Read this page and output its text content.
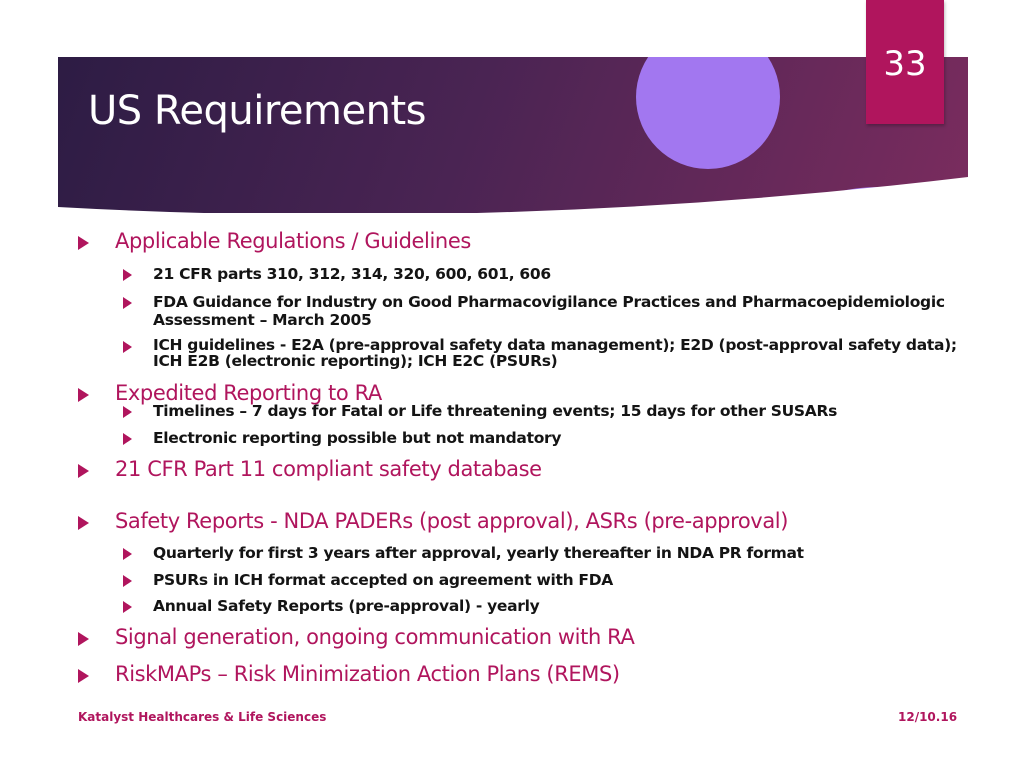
US Requirements
33
Applicable Regulations / Guidelines
21 CFR parts 310, 312, 314, 320, 600, 601, 606
FDA Guidance for Industry on Good Pharmacovigilance Practices and Pharmacoepidemiologic Assessment – March 2005
ICH guidelines - E2A (pre-approval safety data management); E2D (post-approval safety data); ICH E2B (electronic reporting); ICH E2C (PSURs)
Expedited Reporting to RA
Timelines – 7 days for Fatal or Life threatening events; 15 days for other SUSARs
Electronic reporting possible but not mandatory
21 CFR Part 11 compliant safety database
Safety Reports - NDA PADERs (post approval), ASRs (pre-approval)
Quarterly for first 3 years after approval, yearly thereafter in NDA PR format
PSURs in ICH format accepted on agreement with FDA
Annual Safety Reports (pre-approval) - yearly
Signal generation, ongoing communication with RA
RiskMAPs – Risk Minimization Action Plans (REMS)
Katalyst Healthcares & Life Sciences	12/10.16
